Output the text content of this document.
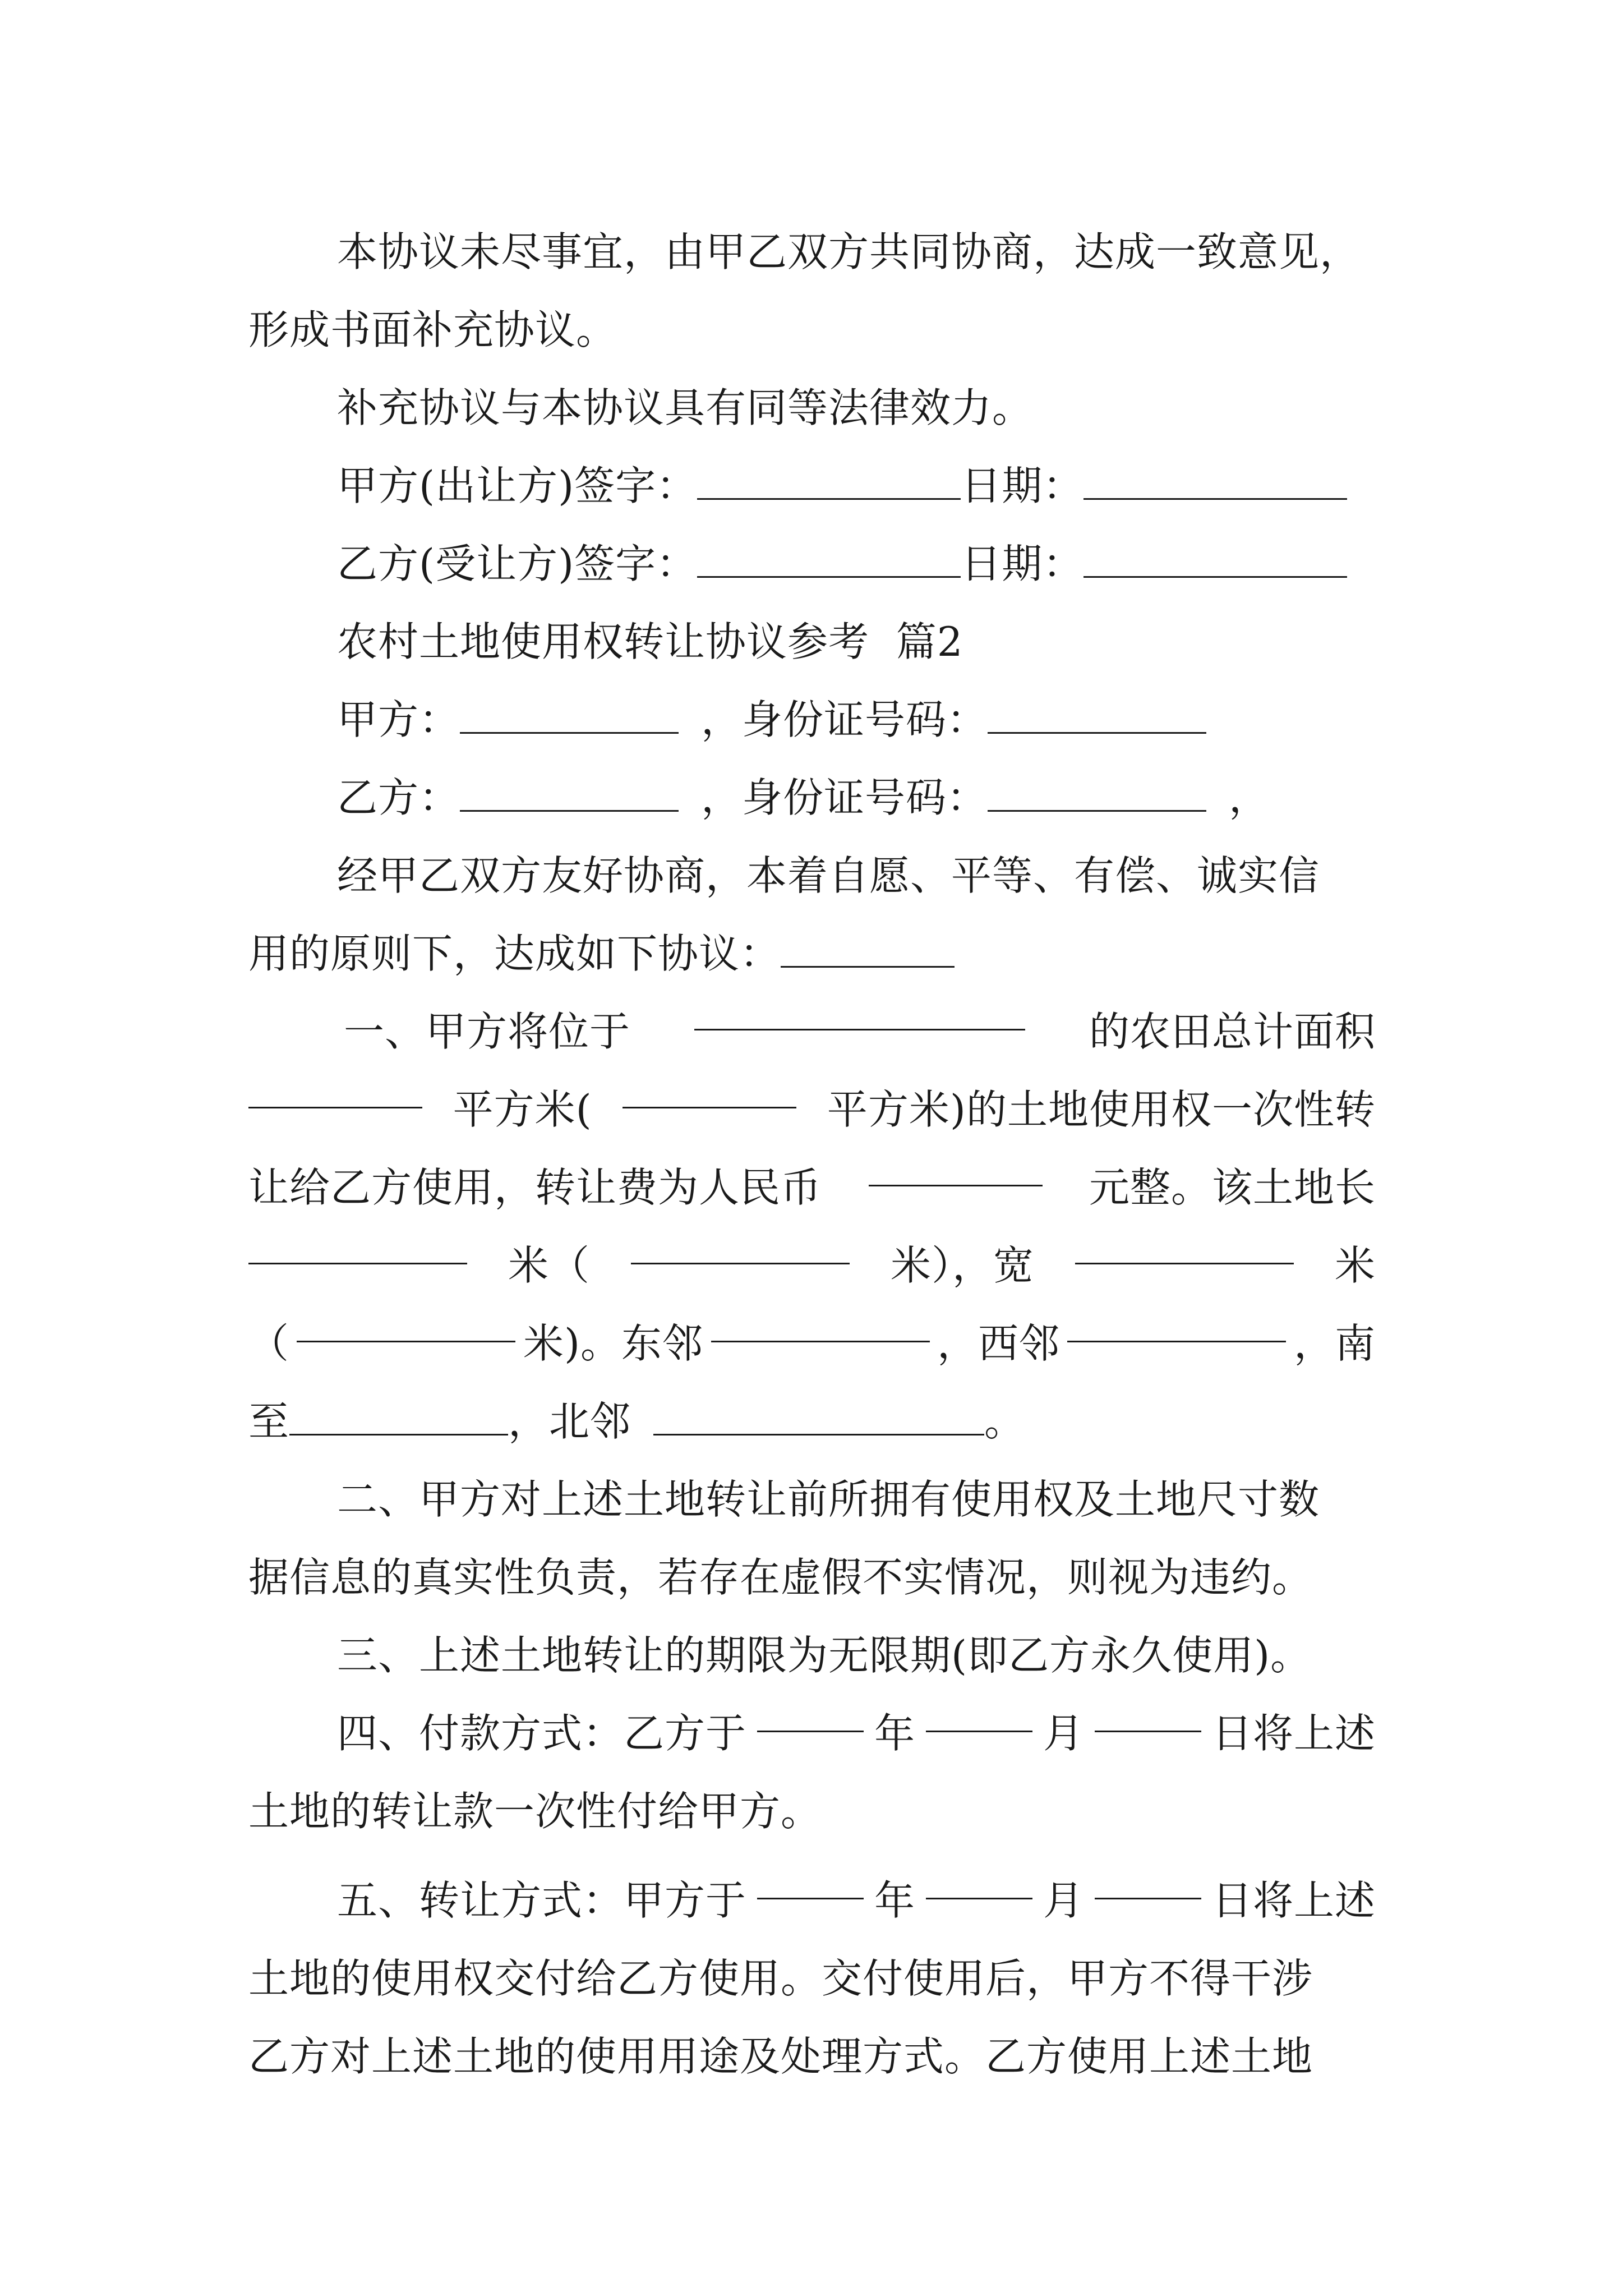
本协议未尽事宜，由甲乙双方共同协商，达成一致意见，
形成书面补充协议。
补充协议与本协议具有同等法律效力。
甲方(出让方)签字：	日期：
乙方(受让方)签字：	日期：
农村土地使用权转让协议参考  篇2
甲方：	，身份证号码：
乙方：	，身份证号码：	，
经甲乙双方友好协商，本着自愿、平等、有偿、诚实信
用的原则下，达成如下协议：
一、甲方将位于	的农田总计面积
平方米(	平方米)的土地使用权一次性转
让给乙方使用，转让费为人民币	元整。该土地长
米（	米），宽	米
（	米)。东邻	，西邻	，南
至	，北邻	。
二、甲方对上述土地转让前所拥有使用权及土地尺寸数
据信息的真实性负责，若存在虚假不实情况，则视为违约。
三、上述土地转让的期限为无限期(即乙方永久使用)。
四、付款方式：乙方于	年	月	日将上述
土地的转让款一次性付给甲方。
五、转让方式：甲方于	年	月	日将上述
土地的使用权交付给乙方使用。交付使用后，甲方不得干涉
乙方对上述土地的使用用途及处理方式。乙方使用上述土地
